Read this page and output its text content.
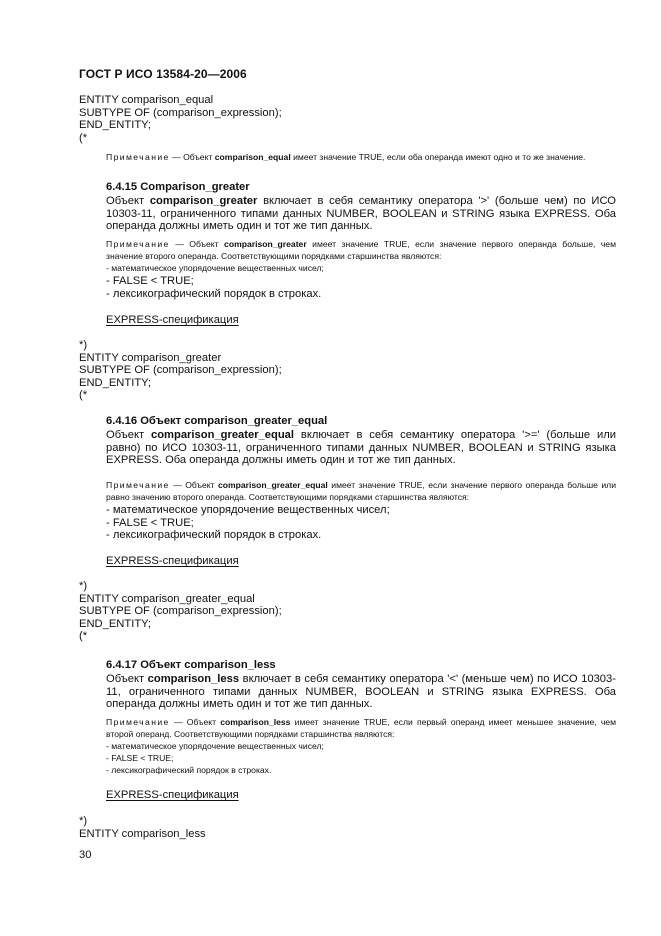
ГОСТ Р ИСО 13584-20—2006
ENTITY comparison_equal
SUBTYPE OF (comparison_expression);
END_ENTITY;
(*
Примечание — Объект comparison_equal имеет значение TRUE, если оба операнда имеют одно и то же значение.
6.4.15 Comparison_greater
Объект comparison_greater включает в себя семантику оператора '>' (больше чем) по ИСО 10303-11, ограниченного типами данных NUMBER, BOOLEAN и STRING языка EXPRESS. Оба операнда должны иметь один и тот же тип данных.
Примечание — Объект comparison_greater имеет значение TRUE, если значение первого операнда больше, чем значение второго операнда. Соответствующими порядками старшинства являются:
- математическое упорядочение вещественных чисел;
- FALSE < TRUE;
- лексикографический порядок в строках.
EXPRESS-спецификация
*)
ENTITY comparison_greater
SUBTYPE OF (comparison_expression);
END_ENTITY;
(*
6.4.16 Объект comparison_greater_equal
Объект comparison_greater_equal включает в себя семантику оператора '>=' (больше или равно) по ИСО 10303-11, ограниченного типами данных NUMBER, BOOLEAN и STRING языка EXPRESS. Оба операнда должны иметь один и тот же тип данных.
Примечание — Объект comparison_greater_equal имеет значение TRUE, если значение первого операнда больше или равно значению второго операнда. Соответствующими порядками старшинства являются:
- математическое упорядочение вещественных чисел;
- FALSE < TRUE;
- лексикографический порядок в строках.
EXPRESS-спецификация
*)
ENTITY comparison_greater_equal
SUBTYPE OF (comparison_expression);
END_ENTITY;
(*
6.4.17 Объект comparison_less
Объект comparison_less включает в себя семантику оператора '<' (меньше чем) по ИСО 10303-11, ограниченного типами данных NUMBER, BOOLEAN и STRING языка EXPRESS. Оба операнда должны иметь один и тот же тип данных.
Примечание — Объект comparison_less имеет значение TRUE, если первый операнд имеет меньшее значение, чем второй операнд. Соответствующими порядками старшинства являются:
- математическое упорядочение вещественных чисел;
- FALSE < TRUE;
- лексикографический порядок в строках.
EXPRESS-спецификация
*)
ENTITY comparison_less
30
